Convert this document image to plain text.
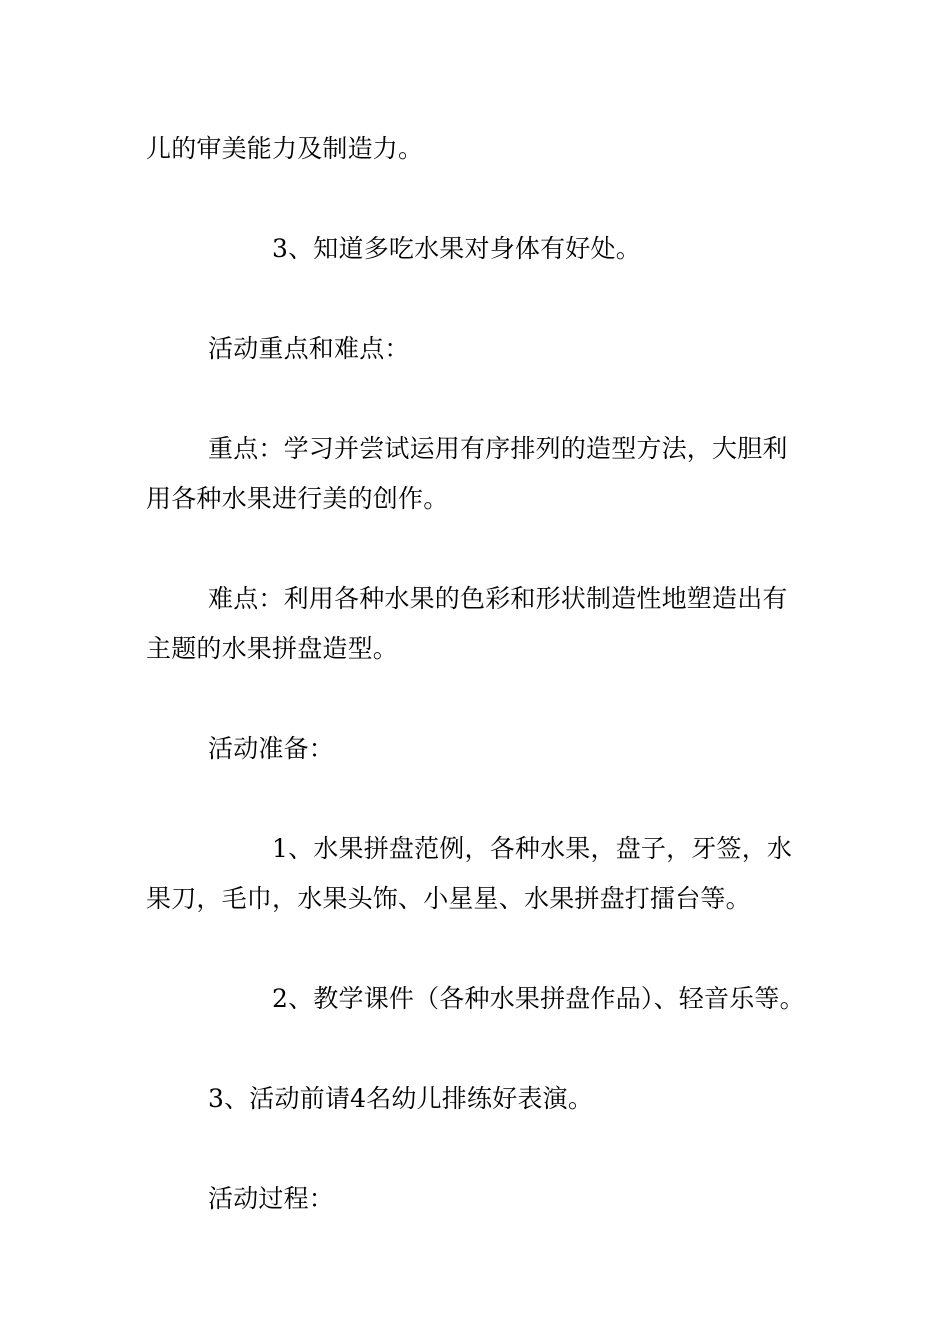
儿的审美能力及制造力。
3、知道多吃水果对身体有好处。
活动重点和难点：
重点：学习并尝试运用有序排列的造型方法，大胆利
用各种水果进行美的创作。
难点：利用各种水果的色彩和形状制造性地塑造出有
主题的水果拼盘造型。
活动准备：
1、水果拼盘范例，各种水果，盘子，牙签，水
果刀，毛巾，水果头饰、小星星、水果拼盘打擂台等。
2、教学课件（各种水果拼盘作品）、轻音乐等。
3、活动前请4名幼儿排练好表演。
活动过程：
